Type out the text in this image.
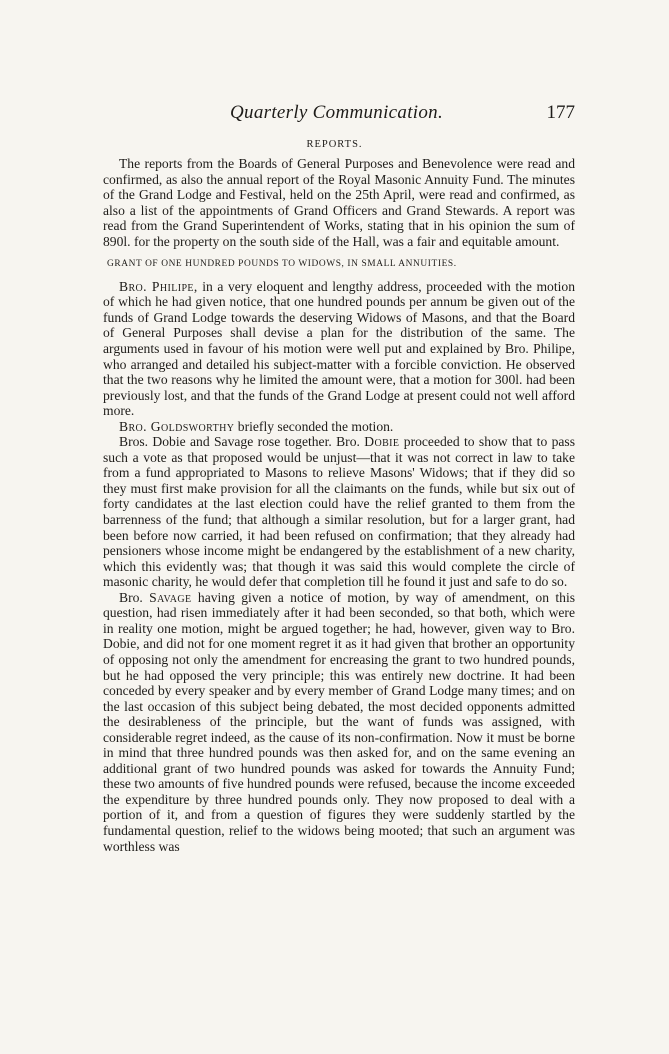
Quarterly Communication.	177
REPORTS.

The reports from the Boards of General Purposes and Benevolence were read and confirmed, as also the annual report of the Royal Masonic Annuity Fund. The minutes of the Grand Lodge and Festival, held on the 25th April, were read and confirmed, as also a list of the appointments of Grand Officers and Grand Stewards. A report was read from the Grand Superintendent of Works, stating that in his opinion the sum of 890l. for the property on the south side of the Hall, was a fair and equitable amount.

GRANT OF ONE HUNDRED POUNDS TO WIDOWS, IN SMALL ANNUITIES.

Bro. Philipe, in a very eloquent and lengthy address, proceeded with the motion of which he had given notice, that one hundred pounds per annum be given out of the funds of Grand Lodge towards the deserving Widows of Masons, and that the Board of General Purposes shall devise a plan for the distribution of the same. The arguments used in favour of his motion were well put and explained by Bro. Philipe, who arranged and detailed his subject-matter with a forcible conviction. He observed that the two reasons why he limited the amount were, that a motion for 300l. had been previously lost, and that the funds of the Grand Lodge at present could not well afford more.

Bro. Goldsworthy briefly seconded the motion.

Bros. Dobie and Savage rose together. Bro. Dobie proceeded to show that to pass such a vote as that proposed would be unjust—that it was not correct in law to take from a fund appropriated to Masons to relieve Masons' Widows; that if they did so they must first make provision for all the claimants on the funds, while but six out of forty candidates at the last election could have the relief granted to them from the barrenness of the fund; that although a similar resolution, but for a larger grant, had been before now carried, it had been refused on confirmation; that they already had pensioners whose income might be endangered by the establishment of a new charity, which this evidently was; that though it was said this would complete the circle of masonic charity, he would defer that completion till he found it just and safe to do so.

Bro. Savage having given a notice of motion, by way of amendment, on this question, had risen immediately after it had been seconded, so that both, which were in reality one motion, might be argued together; he had, however, given way to Bro. Dobie, and did not for one moment regret it as it had given that brother an opportunity of opposing not only the amendment for encreasing the grant to two hundred pounds, but he had opposed the very principle; this was entirely new doctrine. It had been conceded by every speaker and by every member of Grand Lodge many times; and on the last occasion of this subject being debated, the most decided opponents admitted the desirableness of the principle, but the want of funds was assigned, with considerable regret indeed, as the cause of its non-confirmation. Now it must be borne in mind that three hundred pounds was then asked for, and on the same evening an additional grant of two hundred pounds was asked for towards the Annuity Fund; these two amounts of five hundred pounds were refused, because the income exceeded the expenditure by three hundred pounds only. They now proposed to deal with a portion of it, and from a question of figures they were suddenly startled by the fundamental question, relief to the widows being mooted; that such an argument was worthless was
